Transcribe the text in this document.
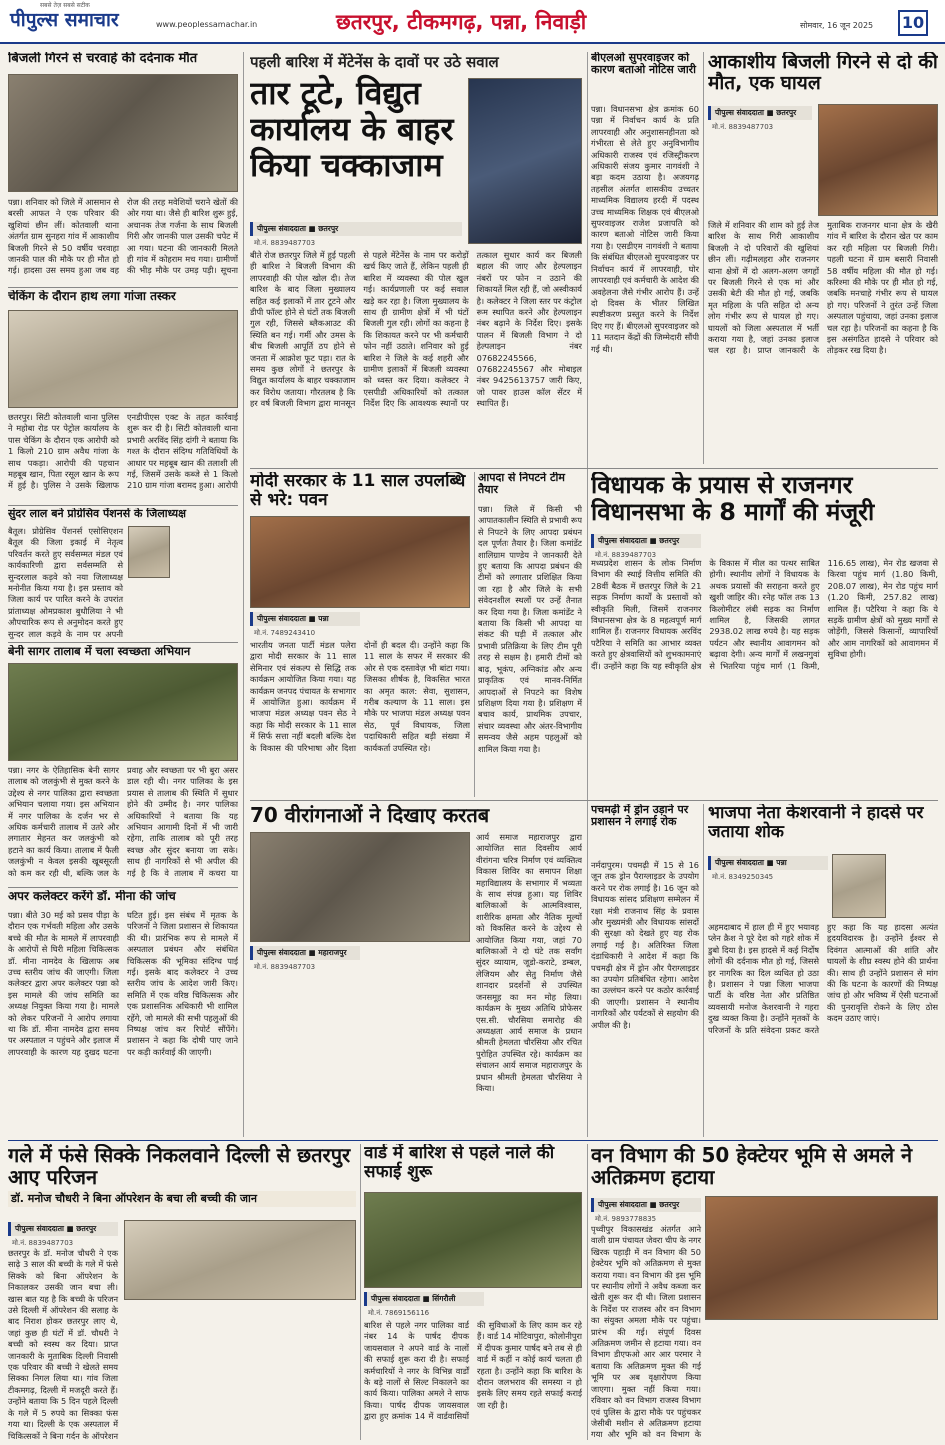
सबसे तेज़ सबसे सटीक
पीपुल्स समाचार	www.peoplessamachar.in	छतरपुर, टीकमगढ़, पन्ना, निवाड़ी	सोमवार, 16 जून 2025 10
बिजली गिरने से चरवाहे की दर्दनाक मौत
पन्ना। शनिवार को जिले में आसमान से बरसी आफत ने एक परिवार की खुशियां छीन लीं। कोतवाली थाना अंतर्गत ग्राम सुनहरा गांव में आकाशीय बिजली गिरने से 50 वर्षीय चरवाहा जानकी पाल की मौके पर ही मौत हो गई। हादसा उस समय हुआ जब वह रोज की तरह मवेशियों चराने खेतों की ओर गया था। जैसे ही बारिश शुरू हुई, अचानक तेज गर्जना के साथ बिजली गिरी और जानकी पाल उसकी चपेट में आ गया। घटना की जानकारी मिलते ही गांव में कोहराम मच गया। ग्रामीणों की भीड़ मौके पर उमड़ पड़ी। सूचना
चेकिंग के दौरान हाथ लगा गांजा तस्कर
छतरपुर। सिटी कोतवाली थाना पुलिस ने महोबा रोड पर पेट्रोल कार्यालय के पास चेकिंग के दौरान एक आरोपी को 1 किलो 210 ग्राम अवैध गांजा के साथ पकड़ा। आरोपी की पहचान महबूब खान, पिता रसूल खान के रूप में हुई है। पुलिस ने उसके खिलाफ एनडीपीएस एक्ट के तहत कार्रवाई शुरू कर दी है। सिटी कोतवाली थाना प्रभारी अरविंद सिंह दांगी ने बताया कि गश्त के दौरान संदिग्ध गतिविधियों के आधार पर महबूब खान की तलाशी ली गई, जिसमें उसके कब्जे से 1 किलो 210 ग्राम गांजा बरामद हुआ। आरोपी
सुंदर लाल बने प्रोग्रेसिव पेंशनर्स के जिलाध्यक्ष
बैतूल। प्रोग्रेसिव पेंशनर्स एसोसिएशन बैतूल की जिला इकाई में नेतृत्व परिवर्तन करते हुए सर्वसम्मत मंडल एवं कार्यकारिणी द्वारा सर्वसम्मति से सुन्दरलाल कड़वे को नया जिलाध्यक्ष मनोनीत किया गया है। इस प्रस्ताव को जिला कार्य पर पारित करने के उपरांत प्रांताध्यक्ष ओमप्रकाश बुधौलिया ने भी औपचारिक रूप से अनुमोदन करते हुए सुन्दर लाल कड़वे के नाम पर अपनी
बेनी सागर तालाब में चला स्वच्छता अभियान
पन्ना। नगर के ऐतिहासिक बेनी सागर तालाब को जलकुंभी से मुक्त करने के उद्देश्य से नगर पालिका द्वारा स्वच्छता अभियान चलाया गया। इस अभियान में नगर पालिका के दर्जन भर से अधिक कर्मचारी तालाब में उतरे और लगातार मेहनत कर जलकुंभी को हटाने का कार्य किया। तालाब में फैली जलकुंभी न केवल इसकी खूबसूरती को कम कर रही थी, बल्कि जल के प्रवाह और स्वच्छता पर भी बुरा असर डाल रही थी। नगर पालिका के इस प्रयास से तालाब की स्थिति में सुधार होने की उम्मीद है। नगर पालिका अधिकारियों ने बताया कि यह अभियान आगामी दिनों में भी जारी रहेगा, ताकि तालाब को पूरी तरह स्वच्छ और सुंदर बनाया जा सके। साथ ही नागरिकों से भी अपील की गई है कि वे तालाब में कचरा या
अपर कलेक्टर करेंगे डॉ. मीना की जांच
पन्ना। बीते 30 मई को प्रसव पीड़ा के दौरान एक गर्भवती महिला और उसके बच्चे की मौत के मामले में लापरवाही के आरोपों से घिरी महिला चिकित्सक डॉ. मीना नामदेव के खिलाफ अब उच्च स्तरीय जांच की जाएगी। जिला कलेक्टर द्वारा अपर कलेक्टर पन्ना को इस मामले की जांच समिति का अध्यक्ष नियुक्त किया गया है। मामले को लेकर परिजनों ने आरोप लगाया था कि डॉ. मीना नामदेव द्वारा समय पर अस्पताल न पहुंचने और इलाज में लापरवाही के कारण यह दुखद घटना घटित हुई। इस संबंध में मृतक के परिजनों ने जिला प्रशासन से शिकायत की थी। प्रारंभिक रूप से मामले में अस्पताल प्रबंधन और संबंधित चिकित्सक की भूमिका संदिग्ध पाई गई। इसके बाद कलेक्टर ने उच्च स्तरीय जांच के आदेश जारी किए। समिति में एक वरिष्ठ चिकित्सक और एक प्रशासनिक अधिकारी भी शामिल रहेंगे, जो मामले की सभी पहलुओं की निष्पक्ष जांच कर रिपोर्ट सौंपेंगे। प्रशासन ने कहा कि दोषी पाए जाने पर कड़ी कार्रवाई की जाएगी।
पहली बारिश में मेंटेनेंस के दावों पर उठे सवाल
तार टूटे, विद्युत कार्यालय के बाहर किया चक्काजाम
पीपुल्स संवाददाता ■ छतरपुर
मो.नं. 8839487703
बीते रोज छतरपुर जिले में हुई पहली ही बारिश ने बिजली विभाग की लापरवाही की पोल खोल दी। तेज बारिश के बाद जिला मुख्यालय सहित कई इलाकों में तार टूटने और डीपी फॉल्ट होने से घंटों तक बिजली गुल रही, जिससे ब्लैकआउट की स्थिति बन गई। गर्मी और उमस के बीच बिजली आपूर्ति ठप होने से जनता में आक्रोश फूट पड़ा। रात के समय कुछ लोगों ने छतरपुर के विद्युत कार्यालय के बाहर चक्काजाम कर विरोध जताया। गौरतलब है कि हर वर्ष बिजली विभाग द्वारा मानसून से पहले मेंटेनेंस के नाम पर करोड़ों खर्च किए जाते हैं, लेकिन पहली ही बारिश में व्यवस्था की पोल खुल गई। कार्यप्रणाली पर कई सवाल खड़े कर रहा है। जिला मुख्यालय के साथ ही ग्रामीण क्षेत्रों में भी घंटों बिजली गुल रही। लोगों का कहना है कि शिकायत करने पर भी कर्मचारी फोन नहीं उठाते। शनिवार को हुई बारिश ने जिले के कई शहरी और ग्रामीण इलाकों में बिजली व्यवस्था को ध्वस्त कर दिया। कलेक्टर ने एसपीडी अधिकारियों को तत्काल निर्देश दिए कि आवश्यक स्थानों पर तत्काल सुधार कार्य कर बिजली बहाल की जाए और हेल्पलाइन नंबरों पर फोन न उठाने की शिकायतें मिल रही हैं, जो अस्वीकार्य है। कलेक्टर ने जिला स्तर पर कंट्रोल रूम स्थापित करने और हेल्पलाइन नंबर बढ़ाने के निर्देश दिए। इसके पालन में बिजली विभाग ने दो हेल्पलाइन नंबर 07682245566, 07682245567 और मोबाइल नंबर 9425613757 जारी किए, जो पावर हाउस कॉल सेंटर में स्थापित हैं।
बीएलओ सुपरवाइजर को कारण बताओ नोटिस जारी
पन्ना। विधानसभा क्षेत्र क्रमांक 60 पन्ना में निर्वाचन कार्य के प्रति लापरवाही और अनुशासनहीनता को गंभीरता से लेते हुए अनुविभागीय अधिकारी राजस्व एवं रजिस्ट्रीकरण अधिकारी संजय कुमार नागवंशी ने बड़ा कदम उठाया है। अजयगढ़ तहसील अंतर्गत शासकीय उच्चतर माध्यमिक विद्यालय हरदी में पदस्थ उच्च माध्यमिक शिक्षक एवं बीएलओ सुपरवाइजर राजेश प्रजापति को कारण बताओ नोटिस जारी किया गया है। एसडीएम नागवंशी ने बताया कि संबंधित बीएलओ सुपरवाइजर पर निर्वाचन कार्य में लापरवाही, घोर लापरवाही एवं कर्मचारी के आदेश की अवहेलना जैसे गंभीर आरोप हैं। उन्हें दो दिवस के भीतर लिखित स्पष्टीकरण प्रस्तुत करने के निर्देश दिए गए हैं। बीएलओ सुपरवाइजर को 11 मतदान केंद्रों की जिम्मेदारी सौंपी गई थी।
आकाशीय बिजली गिरने से दो की मौत, एक घायल
पीपुल्स संवाददाता ■ छतरपुर
मो.नं. 8839487703
जिले में शनिवार की शाम को हुई तेज बारिश के साथ गिरी आकाशीय बिजली ने दो परिवारों की खुशियां छीन लीं। गढ़ीमलहरा और राजनगर थाना क्षेत्रों में दो अलग-अलग जगहों पर बिजली गिरने से एक मां और उसकी बेटी की मौत हो गई, जबकि मृत महिला के पति सहित दो अन्य लोग गंभीर रूप से घायल हो गए। घायलों को जिला अस्पताल में भर्ती कराया गया है, जहां उनका इलाज चल रहा है। प्राप्त जानकारी के मुताबिक राजनगर थाना क्षेत्र के खैरी गांव में बारिश के दौरान खेत पर काम कर रही महिला पर बिजली गिरी। पहली घटना में ग्राम बसारी निवासी 58 वर्षीय महिला की मौत हो गई। करिश्मा की मौके पर ही मौत हो गई, जबकि मनचाहे गंभीर रूप से घायल हो गए। परिजनों ने तुरंत उन्हें जिला अस्पताल पहुंचाया, जहां उनका इलाज चल रहा है। परिजनों का कहना है कि इस असंगठित हादसे ने परिवार को तोड़कर रख दिया है।
मोदी सरकार के 11 साल उपलब्धि से भरे: पवन
पीपुल्स संवाददाता ■ पन्ना
मो.नं. 7489243410
भारतीय जनता पार्टी मंडल पलेरा द्वारा मोदी सरकार के 11 साल सेमिनार एवं संकल्प से सिद्धि तक कार्यक्रम आयोजित किया गया। यह कार्यक्रम जनपद पंचायत के सभागार में आयोजित हुआ। कार्यक्रम में भाजपा मंडल अध्यक्ष पवन सेठ ने कहा कि मोदी सरकार के 11 साल में सिर्फ सत्ता नहीं बदली बल्कि देश के विकास की परिभाषा और दिशा दोनों ही बदल दी। उन्होंने कहा कि 11 साल के सफर में सरकार की ओर से एक दस्तावेज़ भी बांटा गया। जिसका शीर्षक है, विकसित भारत का अमृत काल: सेवा, सुशासन, गरीब कल्याण के 11 साल। इस मौके पर भाजपा मंडल अध्यक्ष पवन सेठ, पूर्व विधायक, जिला पदाधिकारी सहित बड़ी संख्या में कार्यकर्ता उपस्थित रहे।
आपदा से निपटने टीम तैयार
पन्ना। जिले में किसी भी आपातकालीन स्थिति से प्रभावी रूप से निपटने के लिए आपदा प्रबंधन दल पूर्णतः तैयार है। जिला कमांडेंट शालिग्राम पाण्डेय ने जानकारी देते हुए बताया कि आपदा प्रबंधन की टीमों को लगातार प्रशिक्षित किया जा रहा है और जिले के सभी संवेदनशील स्थलों पर उन्हें तैनात कर दिया गया है। जिला कमांडेंट ने बताया कि किसी भी आपदा या संकट की घड़ी में तत्काल और प्रभावी प्रतिक्रिया के लिए टीम पूरी तरह से सक्षम है। हमारी टीमों को बाढ़, भूकंप, अग्निकांड और अन्य प्राकृतिक एवं मानव-निर्मित आपदाओं से निपटने का विशेष प्रशिक्षण दिया गया है। प्रशिक्षण में बचाव कार्य, प्राथमिक उपचार, संचार व्यवस्था और अंतर-विभागीय समन्वय जैसे अहम पहलुओं को शामिल किया गया है।
विधायक के प्रयास से राजनगर विधानसभा के 8 मार्गों की मंजूरी
पीपुल्स संवाददाता ■ छतरपुर
मो.नं. 8839487703
मध्यप्रदेश शासन के लोक निर्माण विभाग की स्थाई वित्तीय समिति की 28वीं बैठक में छतरपुर जिले के 21 सड़क निर्माण कार्यों के प्रस्तावों को स्वीकृति मिली, जिसमें राजनगर विधानसभा क्षेत्र के 8 महत्वपूर्ण मार्ग शामिल हैं। राजनगर विधायक अरविंद पटैरिया ने समिति का आभार व्यक्त करते हुए क्षेत्रवासियों को शुभकामनाएं दीं। उन्होंने कहा कि यह स्वीकृति क्षेत्र के विकास में मील का पत्थर साबित होगी। स्थानीय लोगों ने विधायक के अथक प्रयासों की सराहना करते हुए खुशी जाहिर की। रनेह फॉल तक 13 किलोमीटर लंबी सड़क का निर्माण शामिल है, जिसकी लागत 2938.02 लाख रुपये है। यह सड़क पर्यटन और स्थानीय आवागमन को बढ़ावा देगी। अन्य मार्गों में लखनगुवां से भितरिया पहुंच मार्ग (1 किमी, 116.65 लाख), मेन रोड खजवा से किरवा पहुंच मार्ग (1.80 किमी, 208.07 लाख), मेन रोड पहुंच मार्ग (1.20 किमी, 257.82 लाख) शामिल हैं। पटैरिया ने कहा कि ये सड़कें ग्रामीण क्षेत्रों को मुख्य मार्गों से जोड़ेंगी, जिससे किसानों, व्यापारियों और आम नागरिकों को आवागमन में सुविधा होगी।
70 वीरांगनाओं ने दिखाए करतब
पीपुल्स संवाददाता ■ महाराजपुर
मो.नं. 8839487703
आर्य समाज महाराजपुर द्वारा आयोजित सात दिवसीय आर्य वीरांगना चरित्र निर्माण एवं व्यक्तित्व विकास शिविर का समापन शिक्षा महाविद्यालय के सभागार में भव्यता के साथ संपन्न हुआ। यह शिविर बालिकाओं के आत्मविश्वास, शारीरिक क्षमता और नैतिक मूल्यों को विकसित करने के उद्देश्य से आयोजित किया गया, जहां 70 बालिकाओं ने दो घंटे तक सर्वांग सुंदर व्यायाम, जूडो-कराटे, डम्बल, लेजियम और सेतु निर्माण जैसे शानदार प्रदर्शनों से उपस्थित जनसमूह का मन मोह लिया। कार्यक्रम के मुख्य अतिथि प्रोफेसर एस.सी. चौरसिया समारोह की अध्यक्षता आर्य समाज के प्रधान श्रीमती हेमलता चौरसिया और रचित पुरोहित उपस्थित रहे। कार्यक्रम का संचालन आर्य समाज महाराजपुर के प्रधान श्रीमती हेमलता चौरसिया ने किया।
पचमढ़ी में ड्रोन उड़ाने पर प्रशासन ने लगाई रोक
नर्मदापुरम। पचमढ़ी में 15 से 16 जून तक ड्रोन पैराग्लाइडर के उपयोग करने पर रोक लगाई है। 16 जून को विधायक सांसद प्रशिक्षण सम्मेलन में रक्षा मंत्री राजनाथ सिंह के प्रवास और मुख्यमंत्री और विधायक सांसदों की सुरक्षा को देखते हुए यह रोक लगाई गई है। अतिरिक्त जिला दंडाधिकारी ने आदेश में कहा कि पचमढ़ी क्षेत्र में ड्रोन और पैराग्लाइडर का उपयोग प्रतिबंधित रहेगा। आदेश का उल्लंघन करने पर कठोर कार्रवाई की जाएगी। प्रशासन ने स्थानीय नागरिकों और पर्यटकों से सहयोग की अपील की है।
भाजपा नेता केशरवानी ने हादसे पर जताया शोक
पीपुल्स संवाददाता ■ पन्ना
मो.नं. 8349250345
अहमदाबाद में हाल ही में हुए भयावह प्लेन क्रैश ने पूरे देश को गहरे शोक में डुबो दिया है। इस हादसे में कई निर्दोष लोगों की दर्दनाक मौत हो गई, जिससे हर नागरिक का दिल व्यथित हो उठा है। प्रशासन ने पन्ना जिला भाजपा पार्टी के वरिष्ठ नेता और प्रतिष्ठित व्यवसायी मनोज केशरवानी ने गहरा दुख व्यक्त किया है। उन्होंने मृतकों के परिजनों के प्रति संवेदना प्रकट करते हुए कहा कि यह हादसा अत्यंत हृदयविदारक है। उन्होंने ईश्वर से दिवंगत आत्माओं की शांति और घायलों के शीघ्र स्वस्थ होने की प्रार्थना की। साथ ही उन्होंने प्रशासन से मांग की कि घटना के कारणों की निष्पक्ष जांच हो और भविष्य में ऐसी घटनाओं की पुनरावृत्ति रोकने के लिए ठोस कदम उठाए जाएं।
गले में फंसे सिक्के निकलवाने दिल्ली से छतरपुर आए परिजन
डॉ. मनोज चौधरी ने बिना ऑपरेशन के बचा ली बच्ची की जान
पीपुल्स संवाददाता ■ छतरपुर
मो.नं. 8839487703
छतरपुर के डॉ. मनोज चौधरी ने एक साढ़े 3 साल की बच्ची के गले में फंसे सिक्के को बिना ऑपरेशन के निकालकर उसकी जान बचा ली। खास बात यह है कि बच्ची के परिजन उसे दिल्ली में ऑपरेशन की सलाह के बाद निराश होकर छतरपुर लाए थे, जहां कुछ ही घंटों में डॉ. चौधरी ने बच्ची को स्वस्थ कर दिया। प्राप्त जानकारी के मुताबिक दिल्ली निवासी एक परिवार की बच्ची ने खेलते समय सिक्का निगल लिया था। गांव जिला टीकमगढ़, दिल्ली में मजदूरी करते हैं। उन्होंने बताया कि 5 दिन पहले दिल्ली के गले में 5 रुपये का सिक्का फंस गया था। दिल्ली के एक अस्पताल में चिकित्सकों ने बिना गर्दन के ऑपरेशन
वार्ड में बारिश से पहले नाले की सफाई शुरू
पीपुल्स संवाददाता ■ सिंगरौली
मो.नं. 7869156116
बारिश से पहले नगर पालिका वार्ड नंबर 14 के पार्षद दीपक जायसवाल ने अपने वार्ड के नालों की सफाई शुरू करा दी है। सफाई कर्मचारियों ने नगर के विभिन्न वार्डों के बड़े नालों से सिल्ट निकालने का कार्य किया। पालिका अमले ने साफ किया। पार्षद दीपक जायसवाल द्वारा हुए क्रमांक 14 में वार्डवासियों की सुविधाओं के लिए काम कर रहे हैं। वार्ड 14 मोटिवापुरा, कोलोनीपुरा में दीपक कुमार पार्षद बने तब से ही वार्ड में कहीं न कोई कार्य चलता ही रहता है। उन्होंने कहा कि बारिश के दौरान जलभराव की समस्या न हो इसके लिए समय रहते सफाई कराई जा रही है।
वन विभाग की 50 हेक्टेयर भूमि से अमले ने अतिक्रमण हटाया
पीपुल्स संवाददाता ■ छतरपुर
मो.नं. 9893778835
पृथ्वीपुर विकासखंड अंतर्गत आने वाली ग्राम पंचायत जेवरा चीप के नगर खिरक पहाड़ी में वन विभाग की 50 हेक्टेयर भूमि को अतिक्रमण से मुक्त कराया गया। वन विभाग की इस भूमि पर स्थानीय लोगों ने अवैध कब्जा कर खेती शुरू कर दी थी। जिला प्रशासन के निर्देश पर राजस्व और वन विभाग का संयुक्त अमला मौके पर पहुंचा। प्रारंभ की गई। संपूर्ण दिवस अतिक्रमण जमीन से हटाया गया। वन विभाग डीएफओ आर आर परमार ने बताया कि अतिक्रमण मुक्त की गई भूमि पर अब वृक्षारोपण किया जाएगा। मुक्त नहीं किया गया। रविवार को वन विभाग राजस्व विभाग एवं पुलिस के द्वारा मौके पर पहुंचकर जेसीबी मशीन से अतिक्रमण हटाया गया और भूमि को वन विभाग के
